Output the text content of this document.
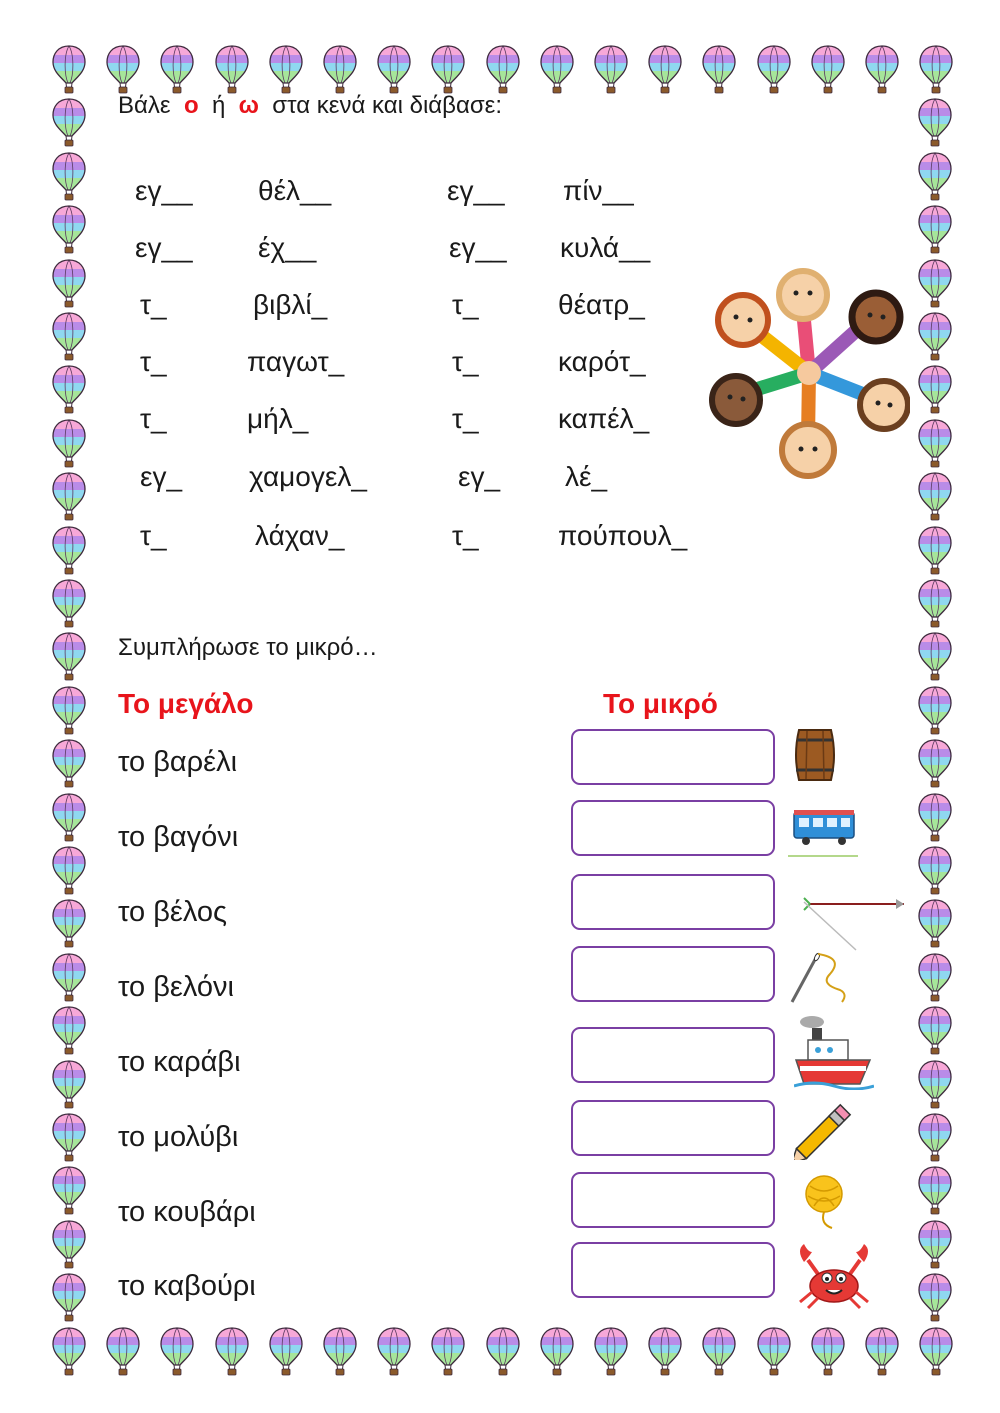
Βάλε ο ή ω στα κενά και διάβασε:
εγ__ θέλ__	εγ__ πίν__
εγ__ έχ__	εγ__ κυλά__
τ_	βιβλί_	τ_	θέατρ_
τ_	παγωτ_	τ_	καρότ_
τ_	μήλ_	τ_	καπέλ_
εγ_ χαμογελ_	εγ_ λέ_
τ_	λάχαν_	τ_	πούπουλ_
Συμπλήρωσε το μικρό…
Το μεγάλο	Το μικρό
το βαρέλι
το βαγόνι
το βέλος
το βελόνι
το καράβι
το μολύβι
το κουβάρι
το καβούρι
